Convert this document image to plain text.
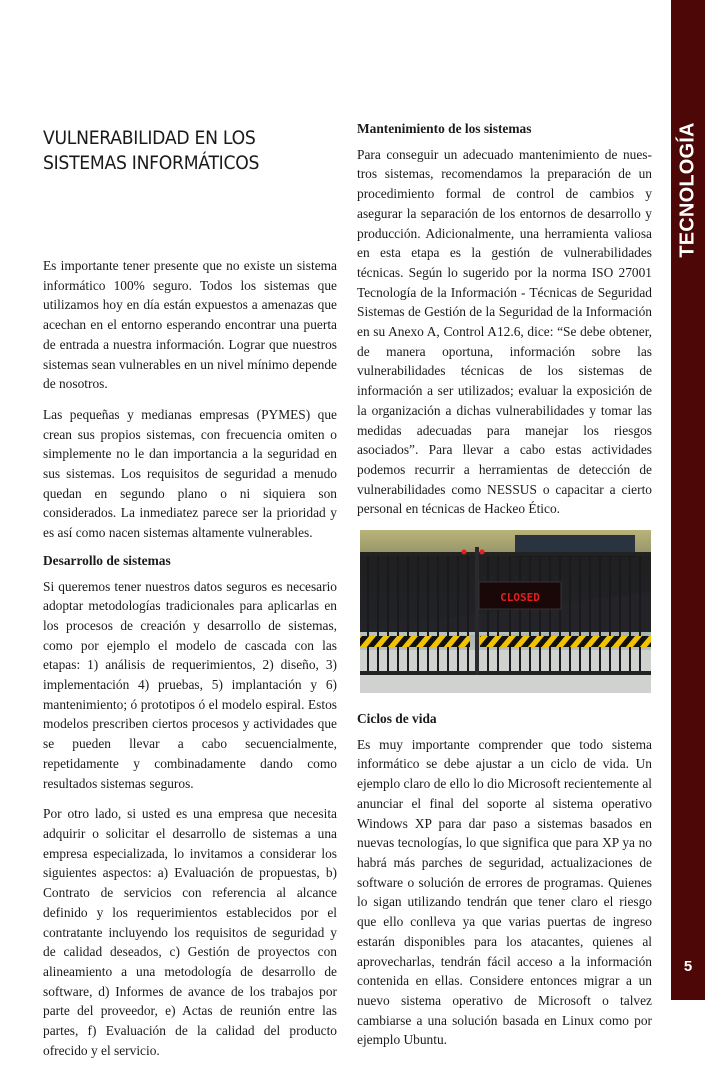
TECNOLOGÍA
5
VULNERABILIDAD EN LOS
SISTEMAS INFORMÁTICOS

Es importante tener presente que no existe un sistema informático 100% seguro. Todos los sistemas que utilizamos hoy en día están expuestos a amenazas que acechan en el entorno esperando encontrar una puerta de entrada a nuestra información. Lograr que nuestros sistemas sean vulnerables en un nivel mínimo depende de nosotros.

Las pequeñas y medianas empresas (PYMES) que crean sus propios sistemas, con frecuencia omiten o simplemente no le dan importancia a la seguridad en sus sistemas. Los requisitos de seguridad a menudo quedan en segundo plano o ni siquiera son considerados. La inmediatez parece ser la prioridad y es así como nacen sistemas altamente vulnerables.

Desarrollo de sistemas

Si queremos tener nuestros datos seguros es necesario adoptar metodologías tradicionales para aplicarlas en los procesos de creación y desarrollo de sistemas, como por ejemplo el modelo de cascada con las etapas: 1) análisis de requerimientos, 2) diseño, 3) implementación 4) pruebas, 5) implantación y 6) mantenimiento; ó prototipos ó el modelo espiral. Estos modelos prescriben ciertos procesos y actividades que se pueden llevar a cabo secuencialmente, repetidamente y combinadamente dando como resultados sistemas seguros.

Por otro lado, si usted es una empresa que necesita adquirir o solicitar el desarrollo de sistemas a una empresa especializada, lo invitamos a considerar los siguientes aspectos: a) Evaluación de propuestas, b) Contrato de servicios con referencia al alcance definido y los requerimientos establecidos por el contratante incluyendo los requisitos de seguridad y de calidad deseados, c) Gestión de proyectos con alineamiento a una metodología de desarrollo de software, d) Informes de avance de los trabajos por parte del proveedor, e) Actas de reunión entre las partes, f) Evaluación de la calidad del producto ofrecido y el servicio.

Mantenimiento de los sistemas

Para conseguir un adecuado mantenimiento de nuestros sistemas, recomendamos la preparación de un procedimiento formal de control de cambios y asegurar la separación de los entornos de desarrollo y producción. Adicionalmente, una herramienta valiosa en esta etapa es la gestión de vulnerabilidades técnicas. Según lo sugerido por la norma ISO 27001 Tecnología de la Información - Técnicas de Seguridad Sistemas de Gestión de la Seguridad de la Información en su Anexo A, Control A12.6, dice: “Se debe obtener, de manera oportuna, información sobre las vulnerabilidades técnicas de los sistemas de información a ser utilizados; evaluar la exposición de la organización a dichas vulnerabilidades y tomar las medidas adecuadas para manejar los riesgos asociados”. Para llevar a cabo estas actividades podemos recurrir a herramientas de detección de vulnerabilidades como NESSUS o capacitar a cierto personal en técnicas de Hackeo Ético.

CLOSED
Ciclos de vida

Es muy importante comprender que todo sistema informático se debe ajustar a un ciclo de vida. Un ejemplo claro de ello lo dio Microsoft recientemente al anunciar el final del soporte al sistema operativo Windows XP para dar paso a sistemas basados en nuevas tecnologías, lo que significa que para XP ya no habrá más parches de seguridad, actualizaciones de software o solución de errores de programas. Quienes lo sigan utilizando tendrán que tener claro el riesgo que ello conlleva ya que varias puertas de ingreso estarán disponibles para los atacantes, quienes al aprovecharlas, tendrán fácil acceso a la información contenida en ellas. Considere entonces migrar a un nuevo sistema operativo de Microsoft o talvez cambiarse a una solución basada en Linux como por ejemplo Ubuntu.
